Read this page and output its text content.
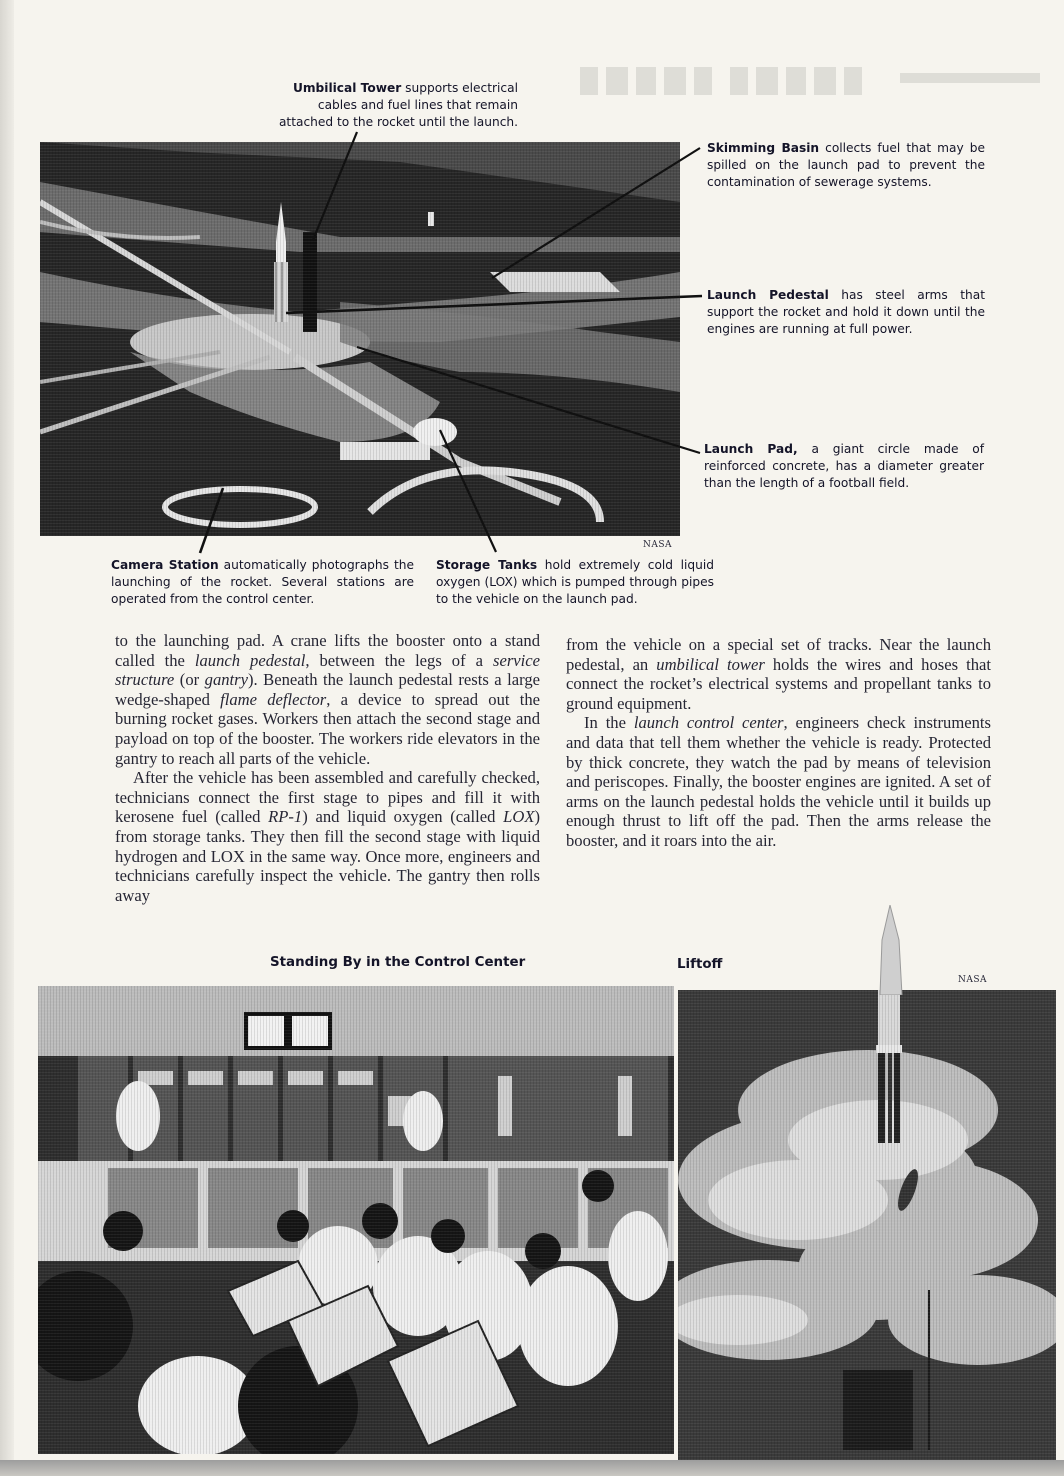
Umbilical Tower supports electrical cables and fuel lines that remain attached to the rocket until the launch.
Skimming Basin collects fuel that may be spilled on the launch pad to prevent the contamination of sewerage systems.
Launch Pedestal has steel arms that support the rocket and hold it down until the engines are running at full power.
Launch Pad, a giant circle made of reinforced concrete, has a diameter greater than the length of a football field.
Camera Station automatically photographs the launching of the rocket. Several stations are operated from the control center.
Storage Tanks hold extremely cold liquid oxygen (LOX) which is pumped through pipes to the vehicle on the launch pad.
NASA

to the launching pad. A crane lifts the booster onto a stand called the launch pedestal, between the legs of a service structure (or gantry). Beneath the launch pedestal rests a large wedge-shaped flame deflector, a device to spread out the burning rocket gases. Workers then attach the second stage and payload on top of the booster. The workers ride elevators in the gantry to reach all parts of the vehicle.

After the vehicle has been assembled and carefully checked, technicians connect the first stage to pipes and fill it with kerosene fuel (called RP-1) and liquid oxygen (called LOX) from storage tanks. They then fill the second stage with liquid hydrogen and LOX in the same way. Once more, engineers and technicians carefully inspect the vehicle. The gantry then rolls away

from the vehicle on a special set of tracks. Near the launch pedestal, an umbilical tower holds the wires and hoses that connect the rocket’s electrical systems and propellant tanks to ground equipment.

In the launch control center, engineers check instruments and data that tell them whether the vehicle is ready. Protected by thick concrete, they watch the pad by means of television and periscopes. Finally, the booster engines are ignited. A set of arms on the launch pedestal holds the vehicle until it builds up enough thrust to lift off the pad. Then the arms release the booster, and it roars into the air.

Standing By in the Control Center	Liftoff
NASA
